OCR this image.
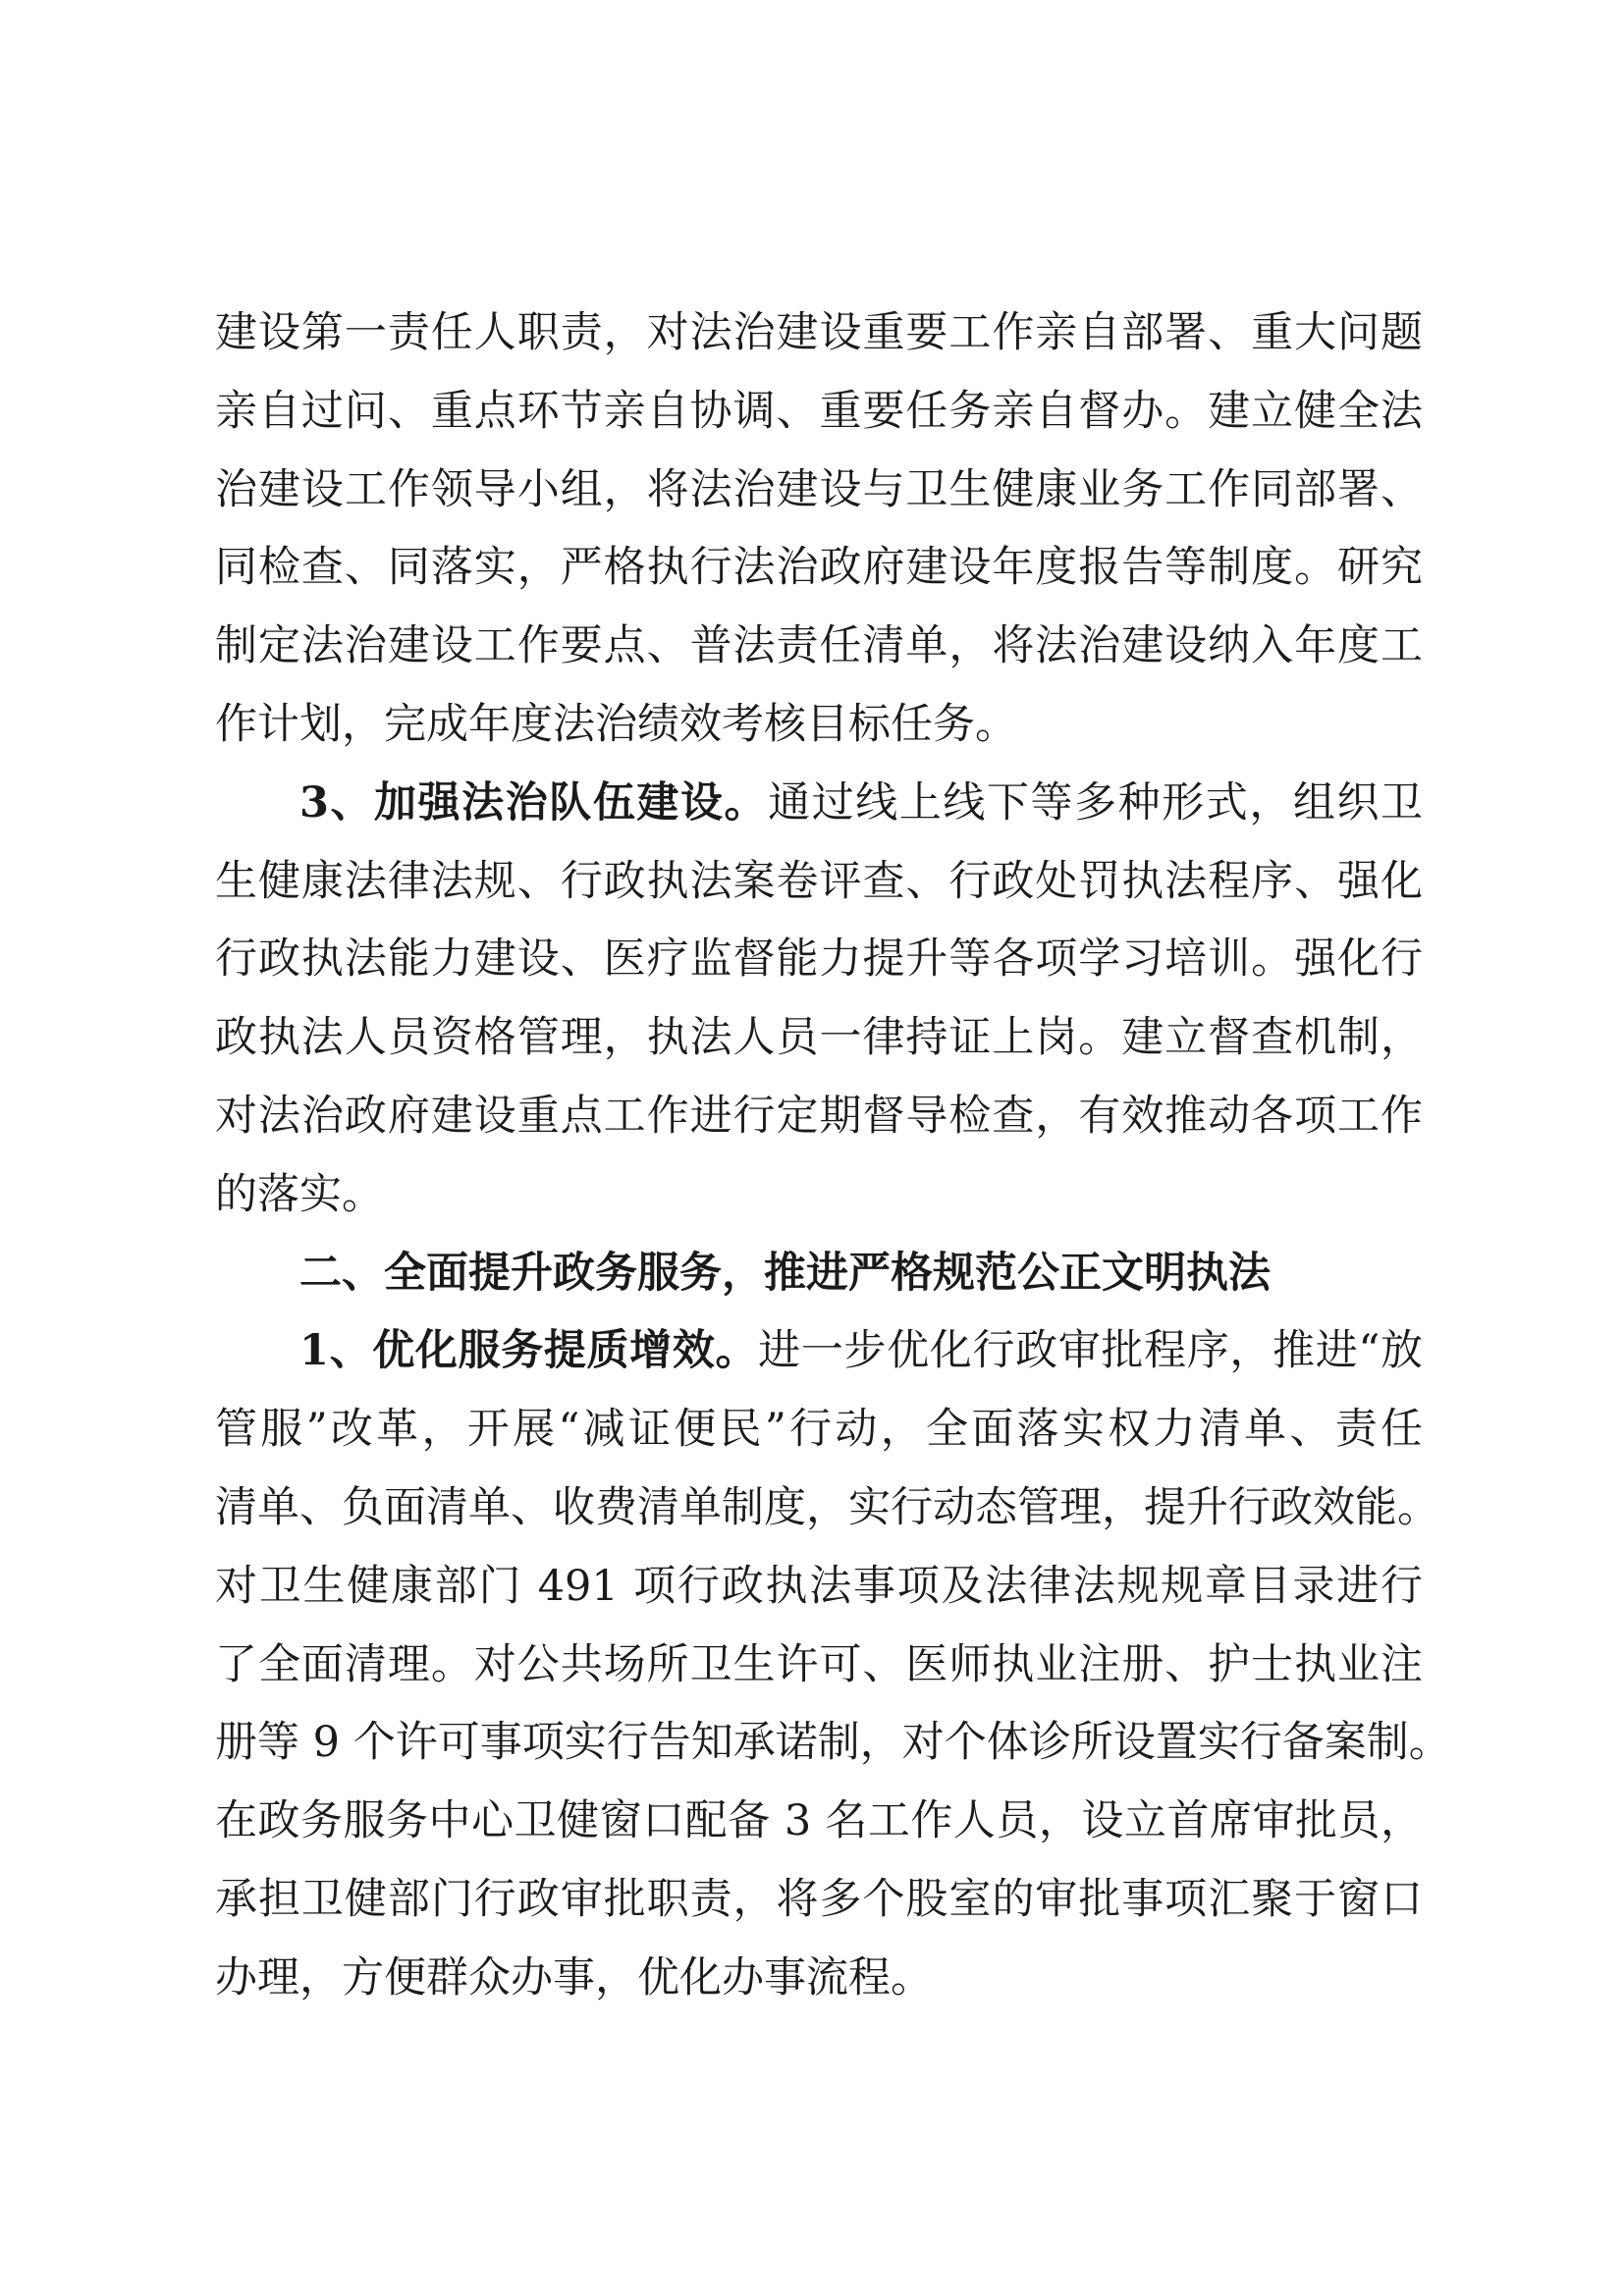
建设第一责任人职责，对法治建设重要工作亲自部署、重大问题
亲自过问、重点环节亲自协调、重要任务亲自督办。建立健全法
治建设工作领导小组，将法治建设与卫生健康业务工作同部署、
同检查、同落实，严格执行法治政府建设年度报告等制度。研究
制定法治建设工作要点、普法责任清单，将法治建设纳入年度工
作计划，完成年度法治绩效考核目标任务。
3、加强法治队伍建设。通过线上线下等多种形式，组织卫
生健康法律法规、行政执法案卷评查、行政处罚执法程序、强化
行政执法能力建设、医疗监督能力提升等各项学习培训。强化行
政执法人员资格管理，执法人员一律持证上岗。建立督查机制，
对法治政府建设重点工作进行定期督导检查，有效推动各项工作
的落实。
二、全面提升政务服务，推进严格规范公正文明执法
1、优化服务提质增效。进一步优化行政审批程序，推进“放
管服”改革，开展“减证便民”行动，全面落实权力清单、责任
清单、负面清单、收费清单制度，实行动态管理，提升行政效能。
对卫生健康部门 491 项行政执法事项及法律法规规章目录进行
了全面清理。对公共场所卫生许可、医师执业注册、护士执业注
册等 9 个许可事项实行告知承诺制，对个体诊所设置实行备案制。
在政务服务中心卫健窗口配备 3 名工作人员，设立首席审批员，
承担卫健部门行政审批职责，将多个股室的审批事项汇聚于窗口
办理，方便群众办事，优化办事流程。
